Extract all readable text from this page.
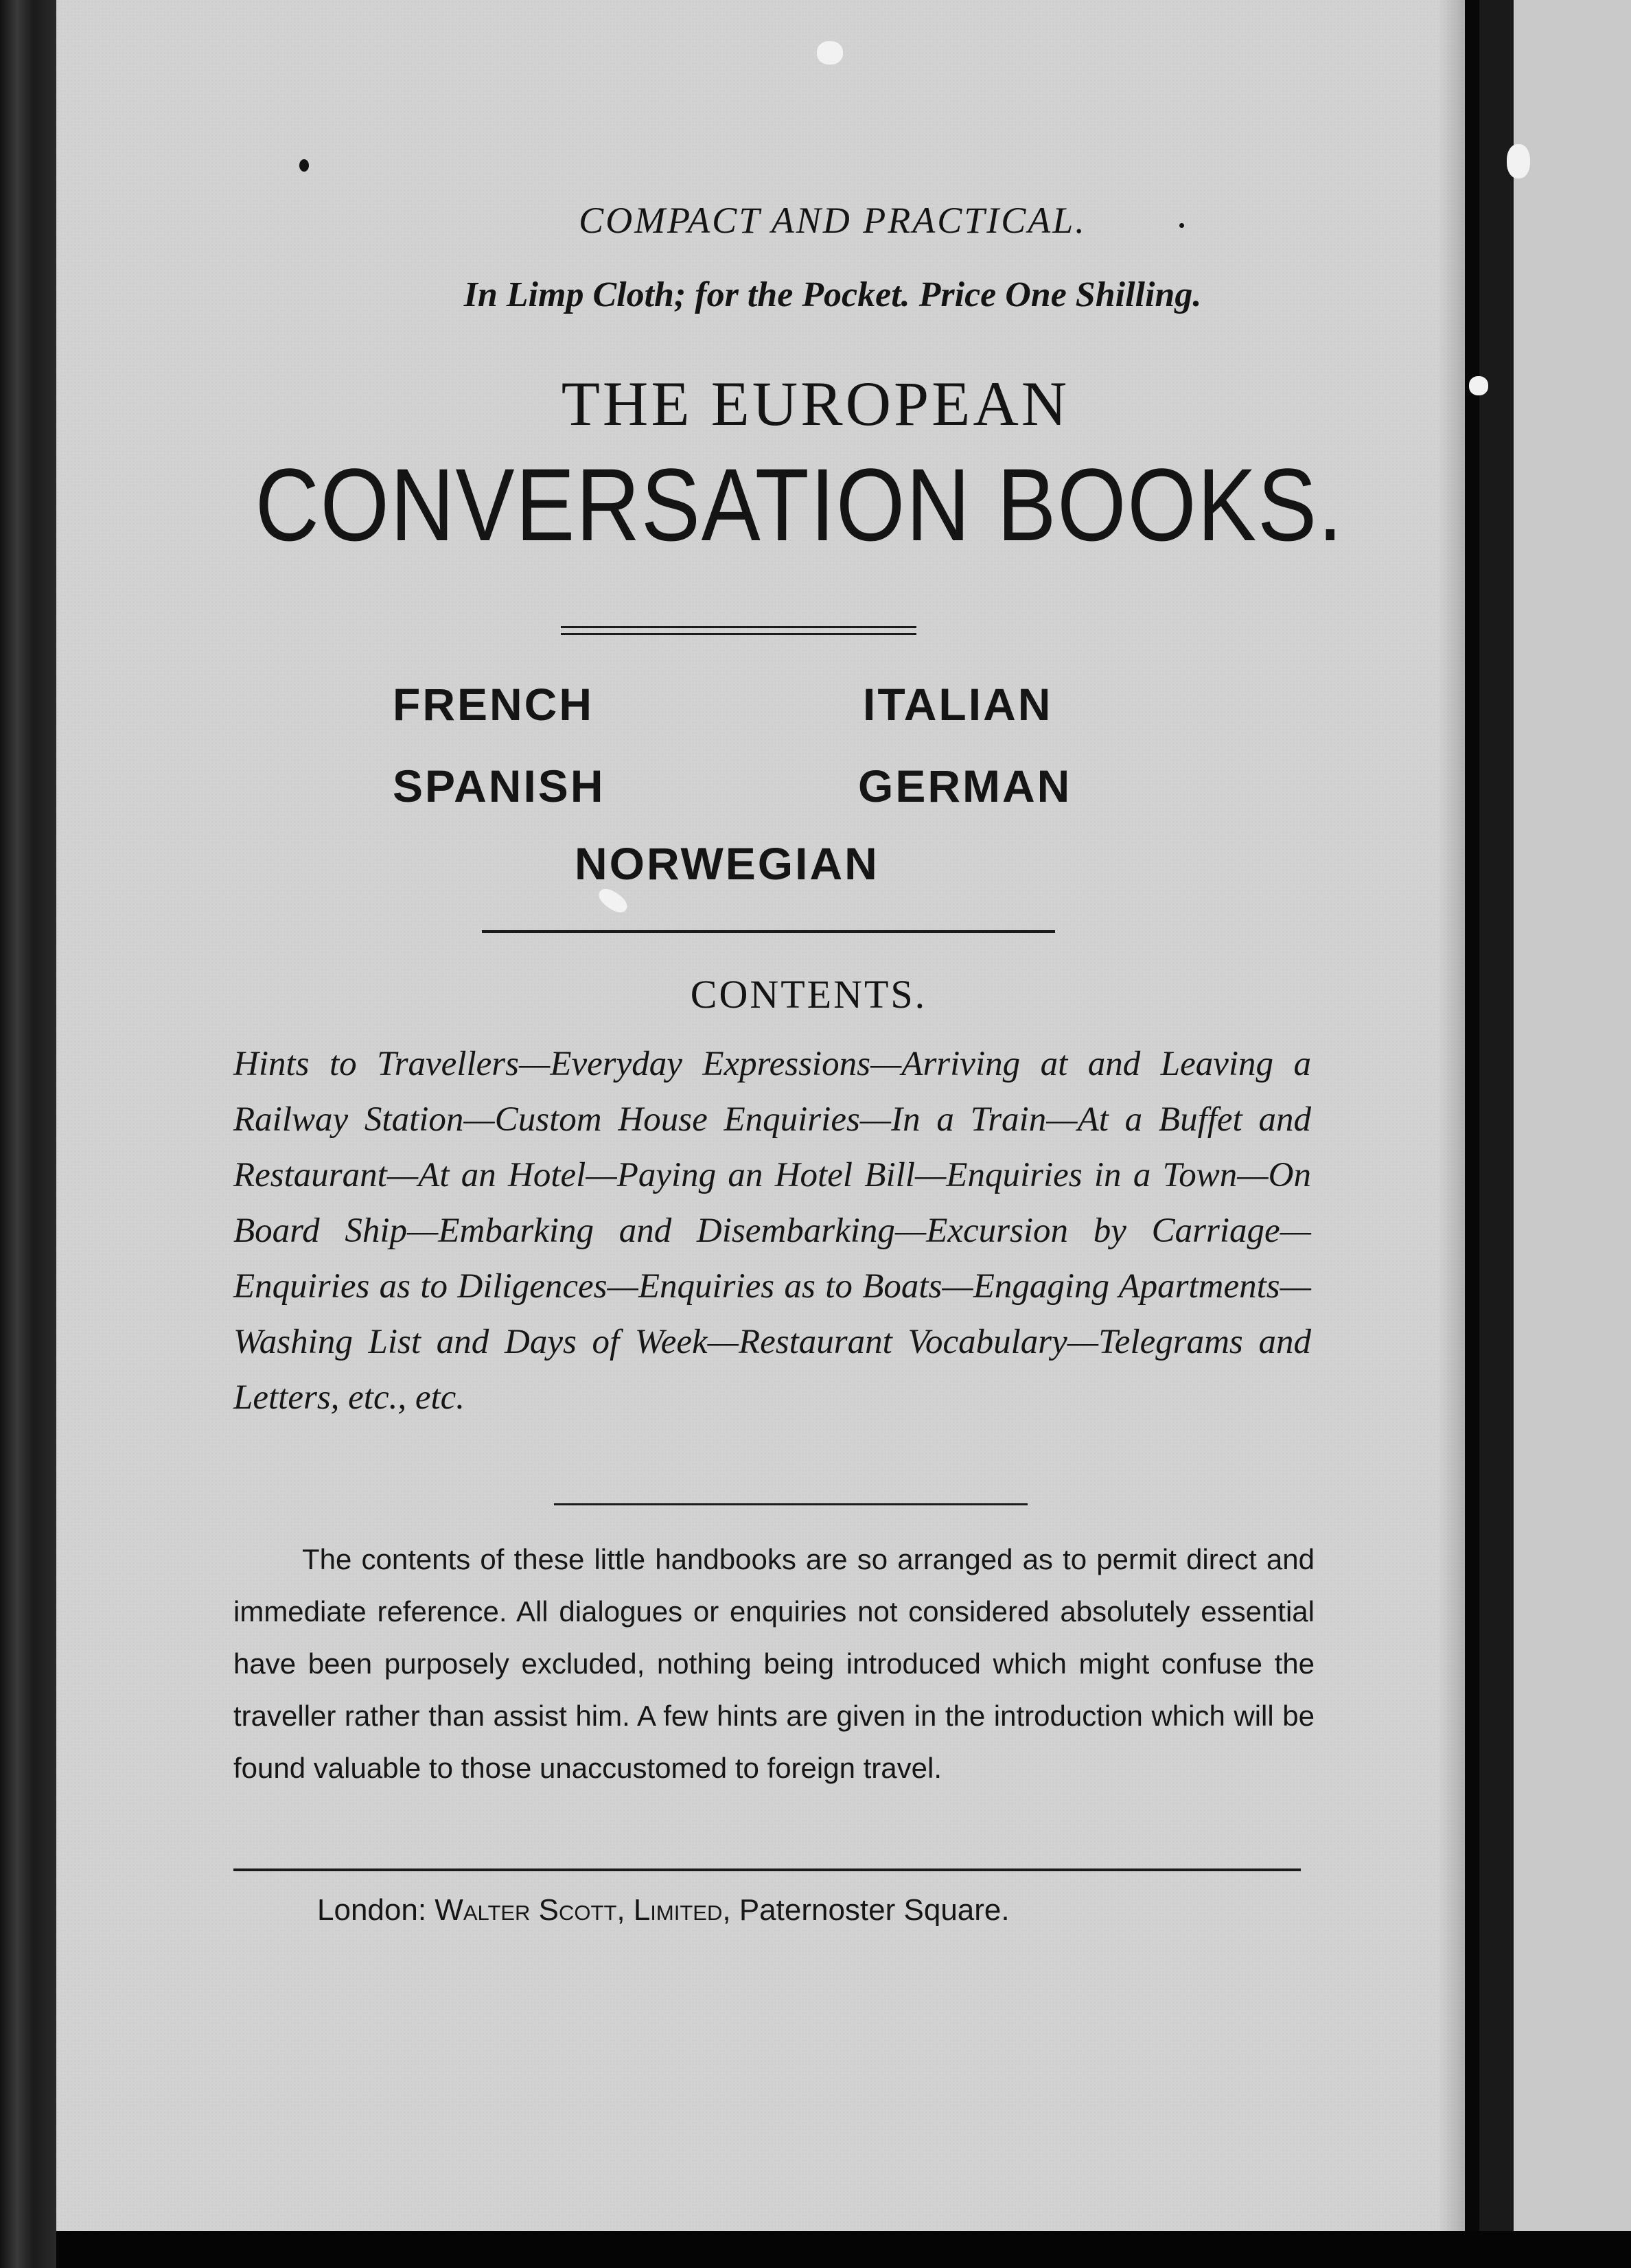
COMPACT AND PRACTICAL.

In Limp Cloth; for the Pocket. Price One Shilling.

THE EUROPEAN

CONVERSATION BOOKS.

FRENCH	ITALIAN

SPANISH	GERMAN

NORWEGIAN

CONTENTS.

Hints to Travellers—Everyday Expressions—Arriving at and Leaving a Railway Station—Custom House Enquiries—In a Train—At a Buffet and Restaurant—At an Hotel—Paying an Hotel Bill—Enquiries in a Town—On Board Ship—Embarking and Disembarking—Excursion by Carriage—Enquiries as to Diligences—Enquiries as to Boats—Engaging Apartments—Washing List and Days of Week—Restaurant Vocabulary—Telegrams and Letters, etc., etc.

The contents of these little handbooks are so arranged as to permit direct and immediate reference. All dialogues or enquiries not considered absolutely essential have been purposely excluded, nothing being introduced which might confuse the traveller rather than assist him. A few hints are given in the introduction which will be found valuable to those unaccustomed to foreign travel.

London: Walter Scott, Limited, Paternoster Square.
